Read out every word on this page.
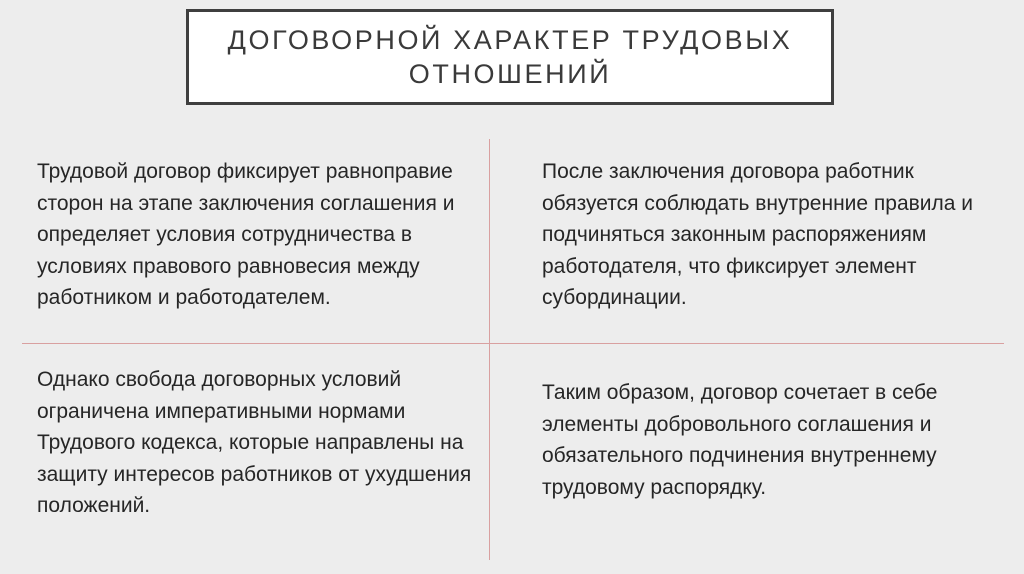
ДОГОВОРНОЙ ХАРАКТЕР ТРУДОВЫХ ОТНОШЕНИЙ

Трудовой договор фиксирует равноправие сторон на этапе заключения соглашения и определяет условия сотрудничества в условиях правового равновесия между работником и работодателем.

После заключения договора работник обязуется соблюдать внутренние правила и подчиняться законным распоряжениям работодателя, что фиксирует элемент субординации.

Однако свобода договорных условий ограничена императивными нормами Трудового кодекса, которые направлены на защиту интересов работников от ухудшения положений.

Таким образом, договор сочетает в себе элементы добровольного соглашения и обязательного подчинения внутреннему трудовому распорядку.
